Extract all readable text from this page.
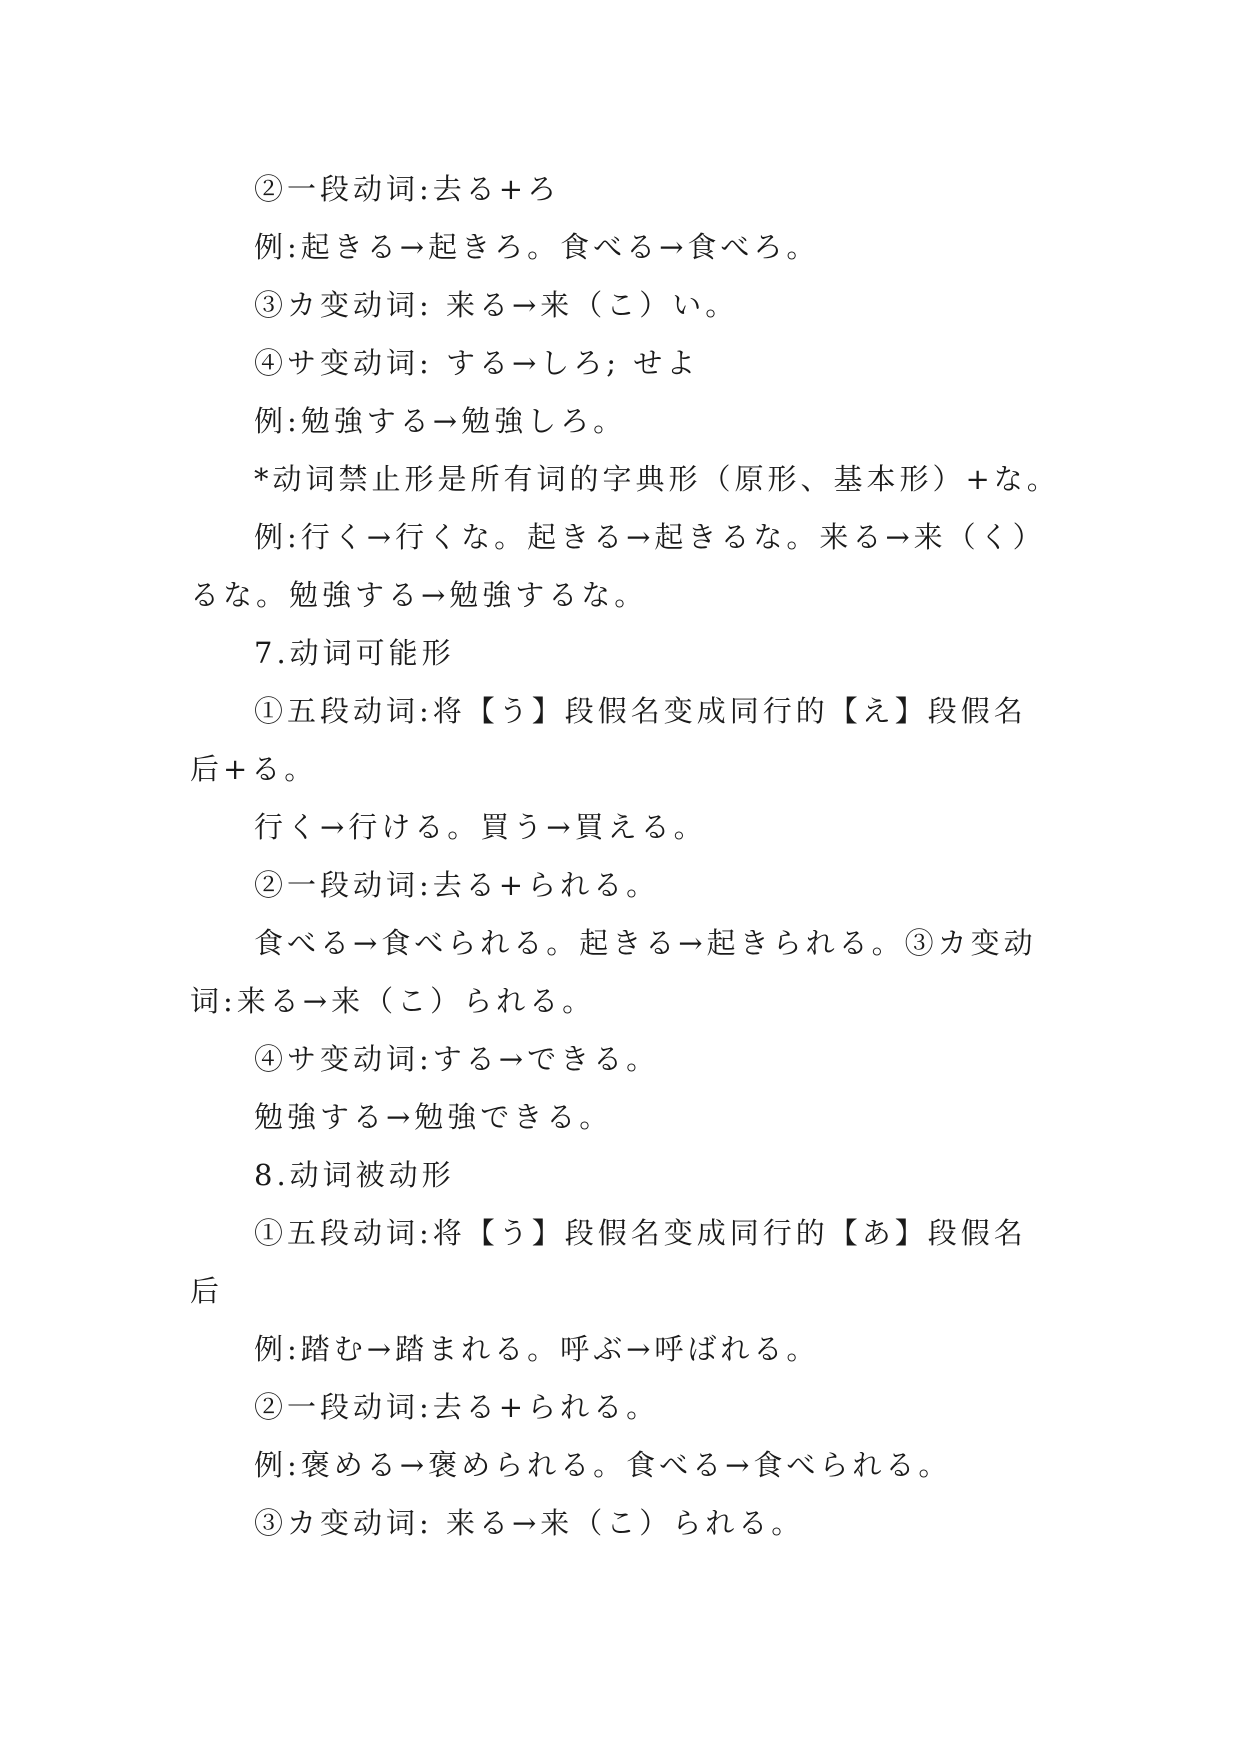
②一段动词:去る+ろ
例:起きる→起きろ。食べる→食べろ。
③カ变动词: 来る→来（こ）い。
④サ变动词: する→しろ; せよ
例:勉強する→勉強しろ。
*动词禁止形是所有词的字典形（原形、基本形）+な。
例:行く→行くな。起きる→起きるな。来る→来（く）
るな。勉強する→勉強するな。
7.动词可能形
①五段动词:将【う】段假名变成同行的【え】段假名
后+る。
行く→行ける。買う→買える。
②一段动词:去る+られる。
食べる→食べられる。起きる→起きられる。③カ变动
词:来る→来（こ）られる。
④サ变动词:する→できる。
勉強する→勉強できる。
8.动词被动形
①五段动词:将【う】段假名变成同行的【あ】段假名
后
例:踏む→踏まれる。呼ぶ→呼ばれる。
②一段动词:去る+られる。
例:褒める→褒められる。食べる→食べられる。
③カ变动词: 来る→来（こ）られる。
